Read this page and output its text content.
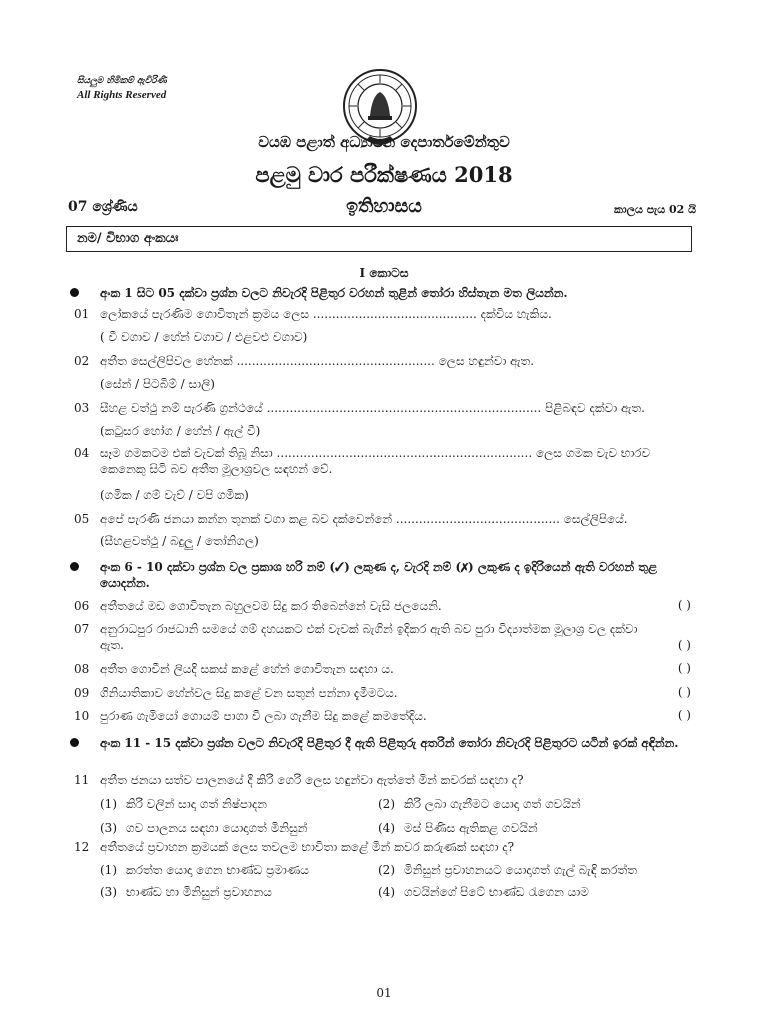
සියලුම හිමිකම් ඇවිරිණි
All Rights Reserved
වයඹ පළාත් අධ්‍යාපන දෙපාර්තමේන්තුව
පළමු වාර පරීක්ෂණය 2018
07 ශ්‍රේණිය	ඉතිහාසය	කාලය පැය 02 යි
නම/ විභාග අංකයඃ
I කොටස
අංක 1 සිට 05 දක්වා ප්‍රශ්න වලට නිවැරදි පිළිතුර වරහන් තුළින් තෝරා හිස්තැන මත ලියන්න.
01 ලෝකයේ පැරණිම ගොවිතැන් ක්‍රමය ලෙස ........................................... දක්විය හැකිය.
( වී වගාව / හේන් වගාව / එළවළු වගාව)
02 අතීත සෙල්ලිපිවල හේනක් .................................................... ලෙස හඳුන්වා ඇත.
(සේන් / පිටබිම් / සාලි)
03 සීහළ වත්ථු නම් පැරණි ග්‍රන්ථයේ ........................................................................ පිළිබඳව දක්වා ඇත.
(කටුසර හෝග / හේන් / ඇල් වී)
04 සෑම ගමකටම එක් වැවක් තිබූ නිසා ................................................................... ලෙස ගමක වැව භාරව කෙනෙකු සිටි බව අතීත මූලාශ්‍රවල සඳහන් වේ.
(ගමික / ගම් වැව් / වපි ගමික)
05 අපේ පැරණි ජනයා කන්න තුනක් වගා කළ බව දක්වෙන්නේ ........................................... සෙල්ලිපියේ.
(සීහළවත්ථු / බදුලු / තෝනිගල)
අංක 6 - 10 දක්වා ප්‍රශ්න වල ප්‍රකාශ හරි නම් (✓) ලකුණ ද, වැරදි නම් (✗) ලකුණ ද ඉදිරියෙන් ඇති වරහන් තුළ යොදන්න.
06 අතීතයේ මඩ ගොවිතැන බහුලවම සිදු කර තිබෙන්නේ වැසි ජලයෙනි.	( )
07 අනුරාධපුර රාජධානි සමයේ ගම් දහයකට එක් වැවක් බැගින් ඉදිකර ඇති බව පුරා විද්‍යාත්මක මූලාශ්‍ර වල දක්වා ඇත.	( )
08 අතීත ගොවීන් ලියදි සකස් කළේ හේන් ගොවිතැන සඳහා ය.	( )
09 ගිනියාතිකාව හේන්වල සිදු කළේ වන සතුන් පන්නා දැමීමටය.	( )
10 පුරාණ ගැමියෝ ගොයම් පාගා වී ලබා ගැනීම සිදු කළේ කමතේදිය.	( )
අංක 11 - 15 දක්වා ප්‍රශ්න වලට නිවැරදි පිළිතුර දී ඇති පිළිතුරු අතරින් තෝරා නිවැරදි පිළිතුරට යටින් ඉරක් අඳින්න.
11 අතීත ජනයා සත්ව පාලනයේ දී කිරි ගෙරි ලෙස හඳුන්වා ඇත්තේ මින් කවරක් සඳහා ද?
(1) කිරි වලින් සාදා ගත් නිෂ්පාදන	(2) කිරි ලබා ගැනීමට යොදා ගත් ගවයින්
(3) ගව පාලනය සඳහා යොදාගත් මිනිසුන්	(4) මස් පිණිස ඇතිකළ ගවයින්
12 අතීතයේ ප්‍රවාහන ක්‍රමයක් ලෙස තවලම භාවිතා කළේ මින් කවර කරුණක් සඳහා ද?
(1) කරත්ත යොදා ගෙන භාණ්ඩ ප්‍රමාණය	(2) මිනිසුන් ප්‍රවාහනයට යොදාගත් ගැල් බැඳි කරත්ත
(3) භාණ්ඩ හා මිනිසුන් ප්‍රවාහනය	(4) ගවයින්ගේ පිටේ භාණ්ඩ රැගෙන යාම
01
